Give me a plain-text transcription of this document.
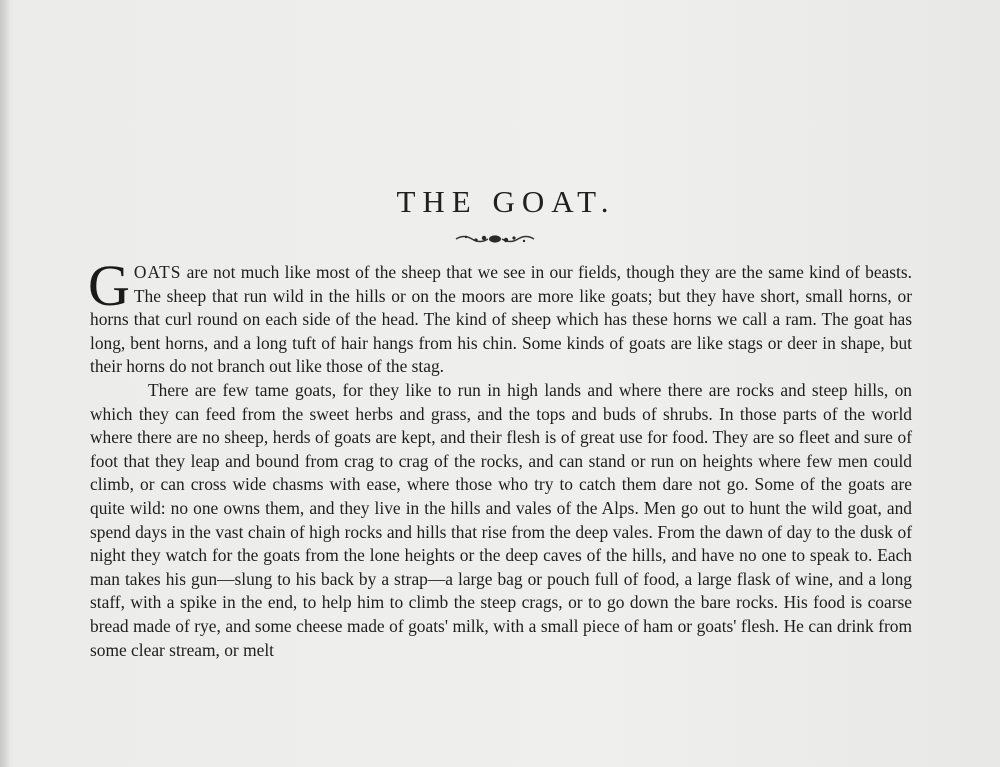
THE GOAT.

GOATS are not much like most of the sheep that we see in our fields, though they are the same kind of beasts. The sheep that run wild in the hills or on the moors are more like goats; but they have short, small horns, or horns that curl round on each side of the head. The kind of sheep which has these horns we call a ram. The goat has long, bent horns, and a long tuft of hair hangs from his chin. Some kinds of goats are like stags or deer in shape, but their horns do not branch out like those of the stag.

There are few tame goats, for they like to run in high lands and where there are rocks and steep hills, on which they can feed from the sweet herbs and grass, and the tops and buds of shrubs. In those parts of the world where there are no sheep, herds of goats are kept, and their flesh is of great use for food. They are so fleet and sure of foot that they leap and bound from crag to crag of the rocks, and can stand or run on heights where few men could climb, or can cross wide chasms with ease, where those who try to catch them dare not go. Some of the goats are quite wild: no one owns them, and they live in the hills and vales of the Alps. Men go out to hunt the wild goat, and spend days in the vast chain of high rocks and hills that rise from the deep vales. From the dawn of day to the dusk of night they watch for the goats from the lone heights or the deep caves of the hills, and have no one to speak to. Each man takes his gun—slung to his back by a strap—a large bag or pouch full of food, a large flask of wine, and a long staff, with a spike in the end, to help him to climb the steep crags, or to go down the bare rocks. His food is coarse bread made of rye, and some cheese made of goats' milk, with a small piece of ham or goats' flesh. He can drink from some clear stream, or melt
